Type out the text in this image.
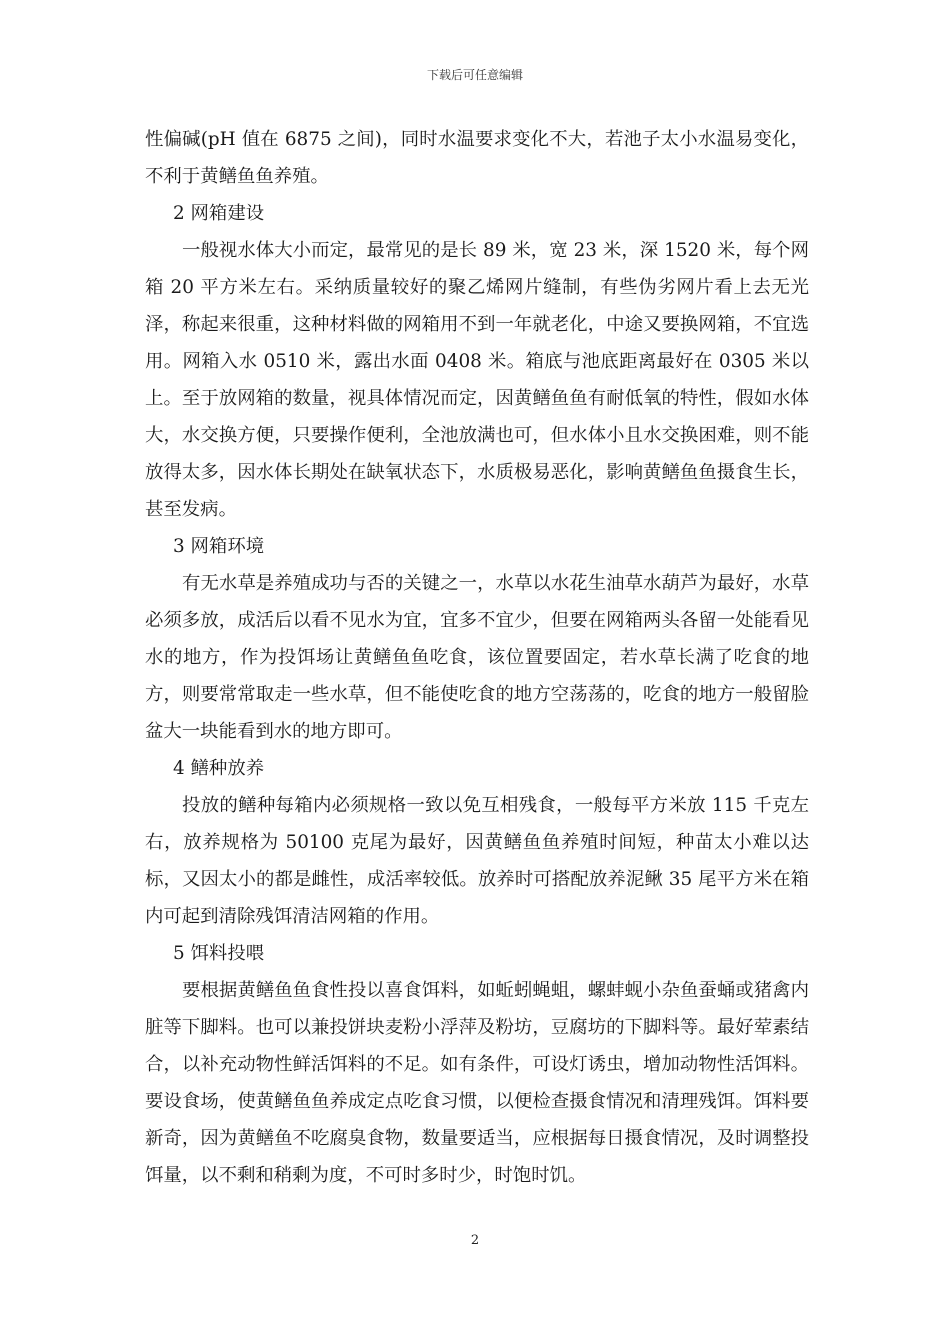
下载后可任意编辑

性偏碱(pH 值在 6875 之间)，同时水温要求变化不大，若池子太小水温易变化，不利于黄鳝鱼鱼养殖。

2 网箱建设

一般视水体大小而定，最常见的是长 89 米，宽 23 米，深 1520 米，每个网箱 20 平方米左右。采纳质量较好的聚乙烯网片缝制，有些伪劣网片看上去无光泽，称起来很重，这种材料做的网箱用不到一年就老化，中途又要换网箱，不宜选用。网箱入水 0510 米，露出水面 0408 米。箱底与池底距离最好在 0305 米以上。至于放网箱的数量，视具体情况而定，因黄鳝鱼鱼有耐低氧的特性，假如水体大，水交换方便，只要操作便利，全池放满也可，但水体小且水交换困难，则不能放得太多，因水体长期处在缺氧状态下，水质极易恶化，影响黄鳝鱼鱼摄食生长，甚至发病。

3 网箱环境

有无水草是养殖成功与否的关键之一，水草以水花生油草水葫芦为最好，水草必须多放，成活后以看不见水为宜，宜多不宜少，但要在网箱两头各留一处能看见水的地方，作为投饵场让黄鳝鱼鱼吃食，该位置要固定，若水草长满了吃食的地方，则要常常取走一些水草，但不能使吃食的地方空荡荡的，吃食的地方一般留脸盆大一块能看到水的地方即可。

4 鳝种放养

投放的鳝种每箱内必须规格一致以免互相残食，一般每平方米放 115 千克左右，放养规格为 50100 克尾为最好，因黄鳝鱼鱼养殖时间短，种苗太小难以达标，又因太小的都是雌性，成活率较低。放养时可搭配放养泥鳅 35 尾平方米在箱内可起到清除残饵清洁网箱的作用。

5 饵料投喂

要根据黄鳝鱼鱼食性投以喜食饵料，如蚯蚓蝇蛆，螺蚌蚬小杂鱼蚕蛹或猪禽内脏等下脚料。也可以兼投饼块麦粉小浮萍及粉坊，豆腐坊的下脚料等。最好荤素结合，以补充动物性鲜活饵料的不足。如有条件，可设灯诱虫，增加动物性活饵料。要设食场，使黄鳝鱼鱼养成定点吃食习惯，以便检查摄食情况和清理残饵。饵料要新奇，因为黄鳝鱼不吃腐臭食物，数量要适当，应根据每日摄食情况，及时调整投饵量，以不剩和稍剩为度，不可时多时少，时饱时饥。

2
